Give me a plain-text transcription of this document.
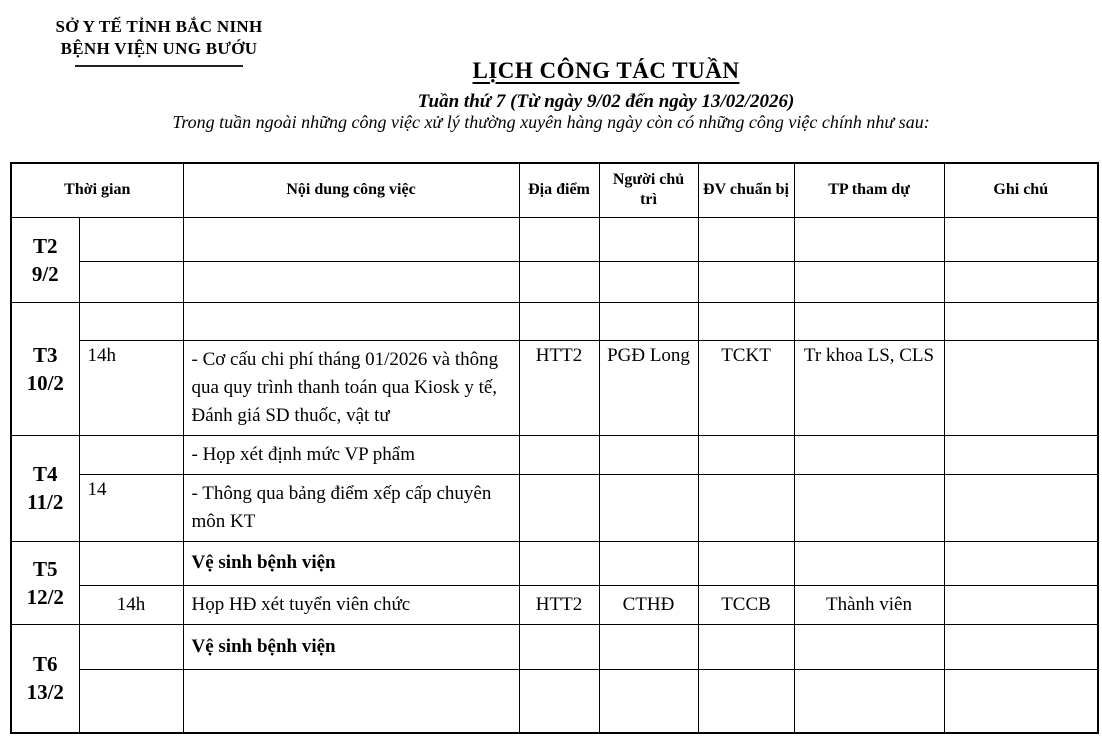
SỞ Y TẾ TỈNH BẮC NINH
BỆNH VIỆN UNG BƯỚU
LỊCH CÔNG TÁC TUẦN
Tuần thứ 7 (Từ ngày 9/02 đến ngày 13/02/2026)
Trong tuần ngoài những công việc xử lý thường xuyên hàng ngày còn có những công việc chính như sau:
Thời gian		Nội dung công việc	Địa điểm	Người chủ trì	ĐV chuẩn bị	TP tham dự	Ghi chú

T2
9/2							

T3
10/2							

	14h	- Cơ cấu chi phí tháng 01/2026 và thông qua quy trình thanh toán qua Kiosk y tế, Đánh giá SD thuốc, vật tư	HTT2	PGĐ Long	TCKT	Tr khoa LS, CLS	

T4
11/2		- Họp xét định mức VP phẩm					
	14	- Thông qua bảng điểm xếp cấp chuyên môn KT					

T5
12/2		Vệ sinh bệnh viện					
	14h	Họp HĐ xét tuyển viên chức	HTT2	CTHĐ	TCCB	Thành viên	

T6
13/2		Vệ sinh bệnh viện					
